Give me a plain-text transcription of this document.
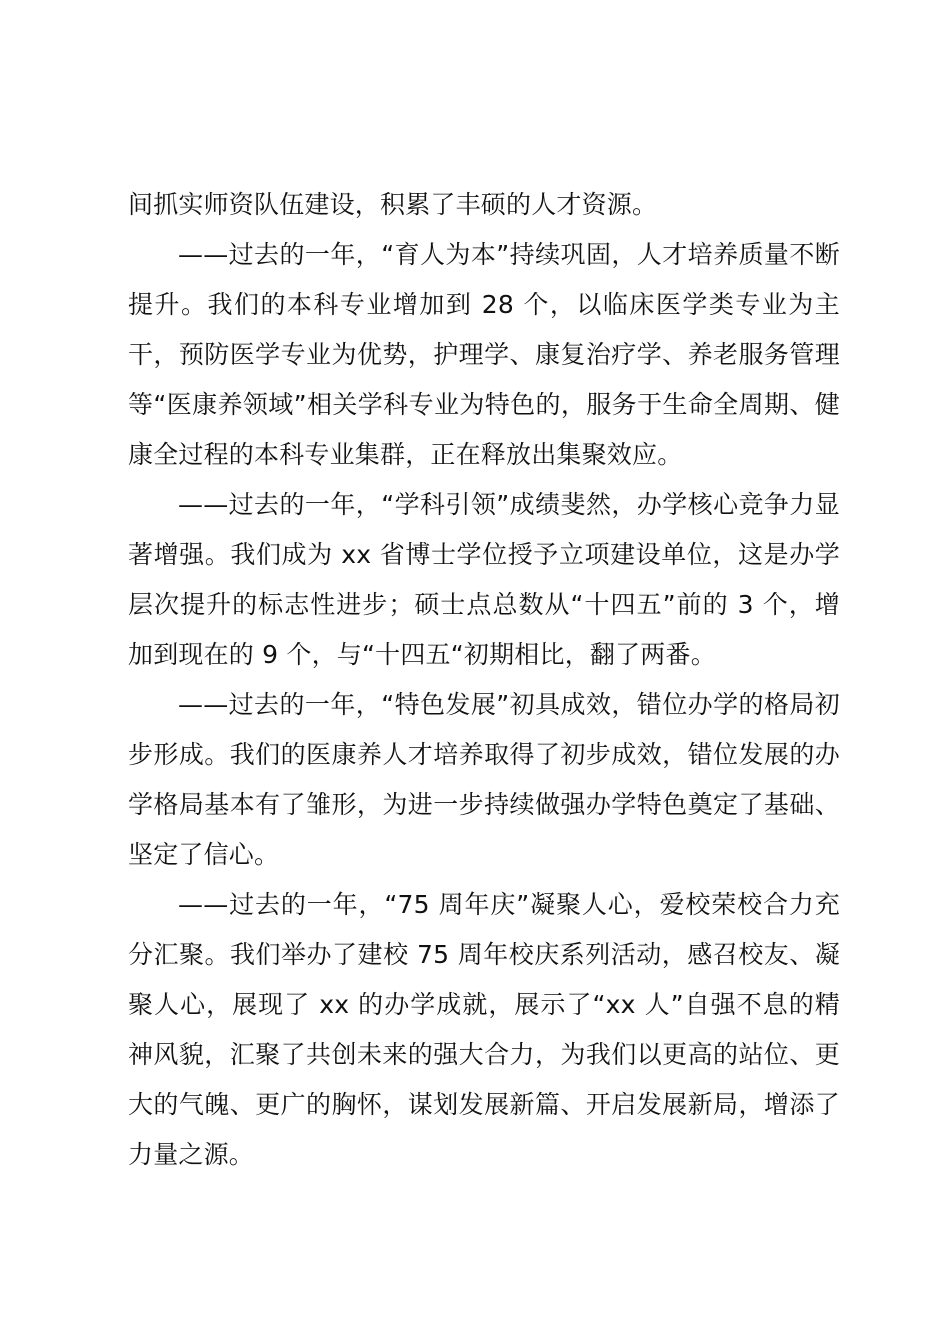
间抓实师资队伍建设，积累了丰硕的人才资源。

——过去的一年，“育人为本”持续巩固，人才培养质量不断提升。我们的本科专业增加到 28 个，以临床医学类专业为主干，预防医学专业为优势，护理学、康复治疗学、养老服务管理等“医康养领域”相关学科专业为特色的，服务于生命全周期、健康全过程的本科专业集群，正在释放出集聚效应。

——过去的一年，“学科引领”成绩斐然，办学核心竞争力显著增强。我们成为 xx 省博士学位授予立项建设单位，这是办学层次提升的标志性进步；硕士点总数从“十四五”前的 3 个，增加到现在的 9 个，与“十四五“初期相比，翻了两番。

——过去的一年，“特色发展”初具成效，错位办学的格局初步形成。我们的医康养人才培养取得了初步成效，错位发展的办学格局基本有了雏形，为进一步持续做强办学特色奠定了基础、坚定了信心。

——过去的一年，“75 周年庆”凝聚人心，爱校荣校合力充分汇聚。我们举办了建校 75 周年校庆系列活动，感召校友、凝聚人心，展现了 xx 的办学成就，展示了“xx 人”自强不息的精神风貌，汇聚了共创未来的强大合力，为我们以更高的站位、更大的气魄、更广的胸怀，谋划发展新篇、开启发展新局，增添了力量之源。
